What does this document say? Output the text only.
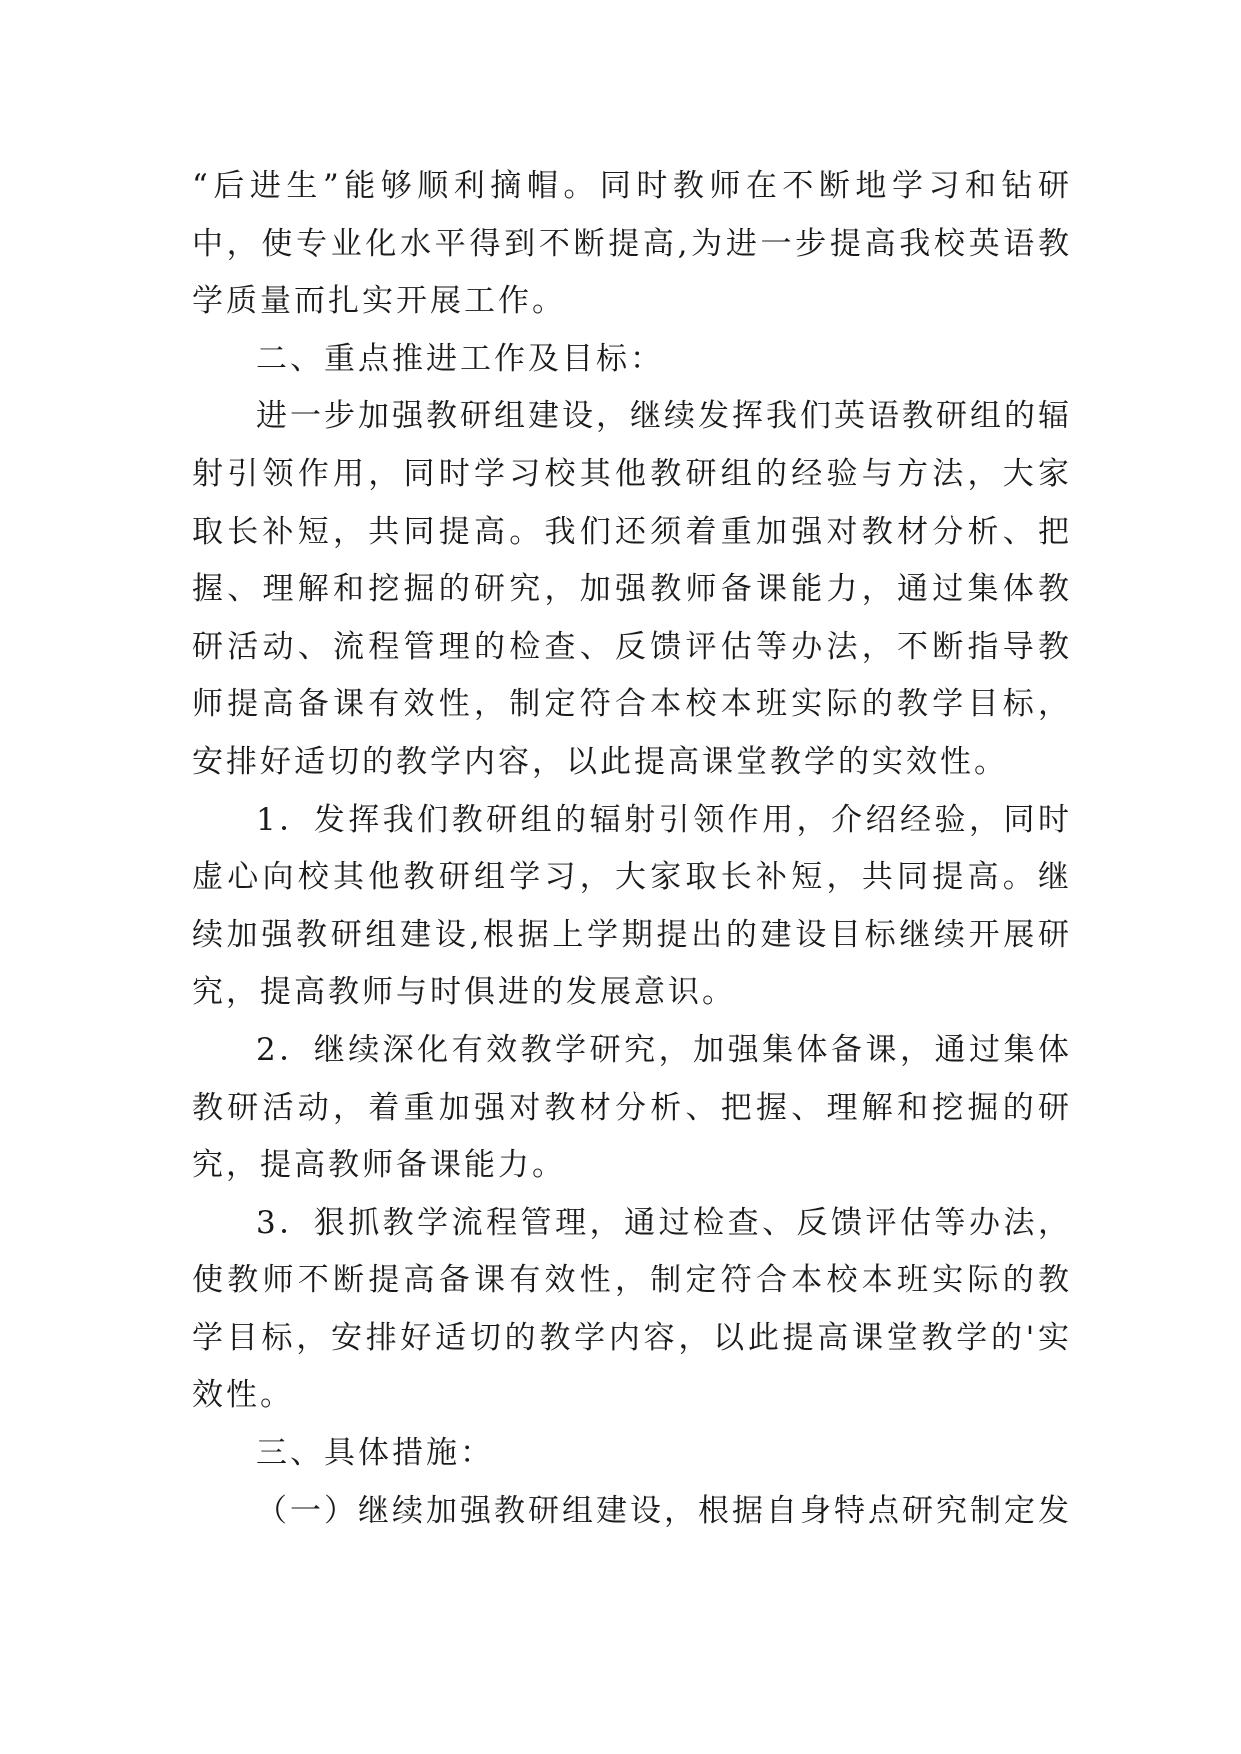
“后进生”能够顺利摘帽。同时教师在不断地学习和钻研中，使专业化水平得到不断提高,为进一步提高我校英语教学质量而扎实开展工作。

二、重点推进工作及目标：

进一步加强教研组建设，继续发挥我们英语教研组的辐射引领作用，同时学习校其他教研组的经验与方法，大家取长补短，共同提高。我们还须着重加强对教材分析、把握、理解和挖掘的研究，加强教师备课能力，通过集体教研活动、流程管理的检查、反馈评估等办法，不断指导教师提高备课有效性，制定符合本校本班实际的教学目标，安排好适切的教学内容，以此提高课堂教学的实效性。

1．发挥我们教研组的辐射引领作用，介绍经验，同时虚心向校其他教研组学习，大家取长补短，共同提高。继续加强教研组建设,根据上学期提出的建设目标继续开展研究，提高教师与时俱进的发展意识。

2．继续深化有效教学研究，加强集体备课，通过集体教研活动，着重加强对教材分析、把握、理解和挖掘的研究，提高教师备课能力。

3．狠抓教学流程管理，通过检查、反馈评估等办法，使教师不断提高备课有效性，制定符合本校本班实际的教学目标，安排好适切的教学内容，以此提高课堂教学的'实效性。

三、具体措施：

（一）继续加强教研组建设，根据自身特点研究制定发
